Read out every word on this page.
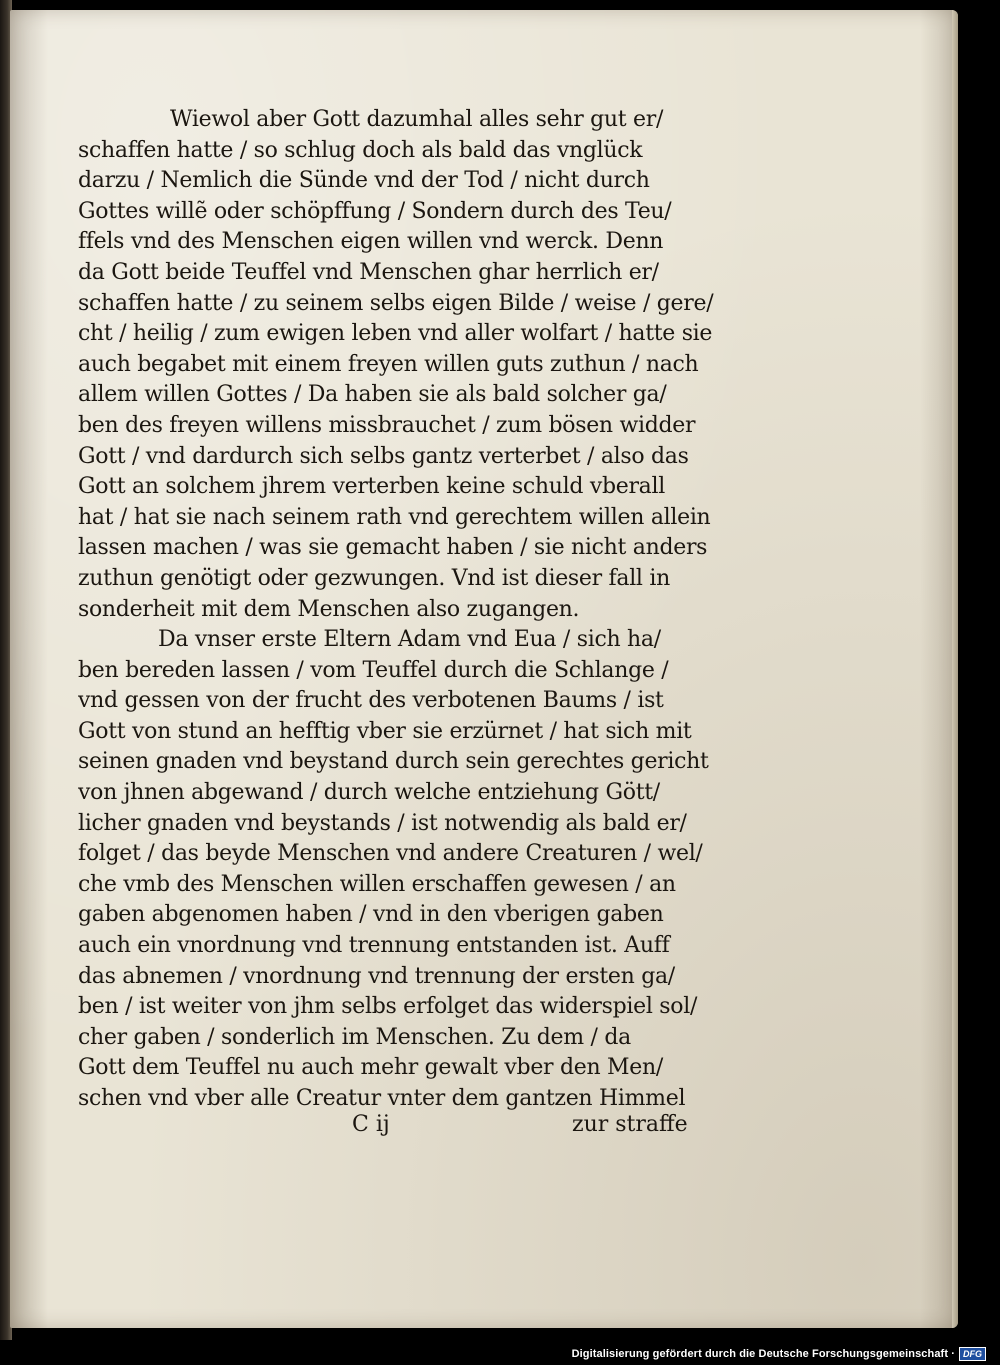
Wiewol aber Gott dazumhal alles sehr gut er/
schaffen hatte / so schlug doch als bald das vnglück
darzu / Nemlich die Sünde vnd der Tod / nicht durch
Gottes willẽ oder schöpffung / Sondern durch des Teu/
ffels vnd des Menschen eigen willen vnd werck. Denn
da Gott beide Teuffel vnd Menschen ghar herrlich er/
schaffen hatte / zu seinem selbs eigen Bilde / weise / gere/
cht / heilig / zum ewigen leben vnd aller wolfart / hatte sie
auch begabet mit einem freyen willen guts zuthun / nach
allem willen Gottes / Da haben sie als bald solcher ga/
ben des freyen willens missbrauchet / zum bösen widder
Gott / vnd dardurch sich selbs gantz verterbet / also das
Gott an solchem jhrem verterben keine schuld vberall
hat / hat sie nach seinem rath vnd gerechtem willen allein
lassen machen / was sie gemacht haben / sie nicht anders
zuthun genötigt oder gezwungen. Vnd ist dieser fall in
sonderheit mit dem Menschen also zugangen.
Da vnser erste Eltern Adam vnd Eua / sich ha/
ben bereden lassen / vom Teuffel durch die Schlange /
vnd gessen von der frucht des verbotenen Baums / ist
Gott von stund an hefftig vber sie erzürnet / hat sich mit
seinen gnaden vnd beystand durch sein gerechtes gericht
von jhnen abgewand / durch welche entziehung Gött/
licher gnaden vnd beystands / ist notwendig als bald er/
folget / das beyde Menschen vnd andere Creaturen / wel/
che vmb des Menschen willen erschaffen gewesen / an
gaben abgenomen haben / vnd in den vberigen gaben
auch ein vnordnung vnd trennung entstanden ist. Auff
das abnemen / vnordnung vnd trennung der ersten ga/
ben / ist weiter von jhm selbs erfolget das widerspiel sol/
cher gaben / sonderlich im Menschen. Zu dem / da
Gott dem Teuffel nu auch mehr gewalt vber den Men/
schen vnd vber alle Creatur vnter dem gantzen Himmel
C ij	zur straffe
Digitalisierung gefördert durch die Deutsche Forschungsgemeinschaft · DFG
